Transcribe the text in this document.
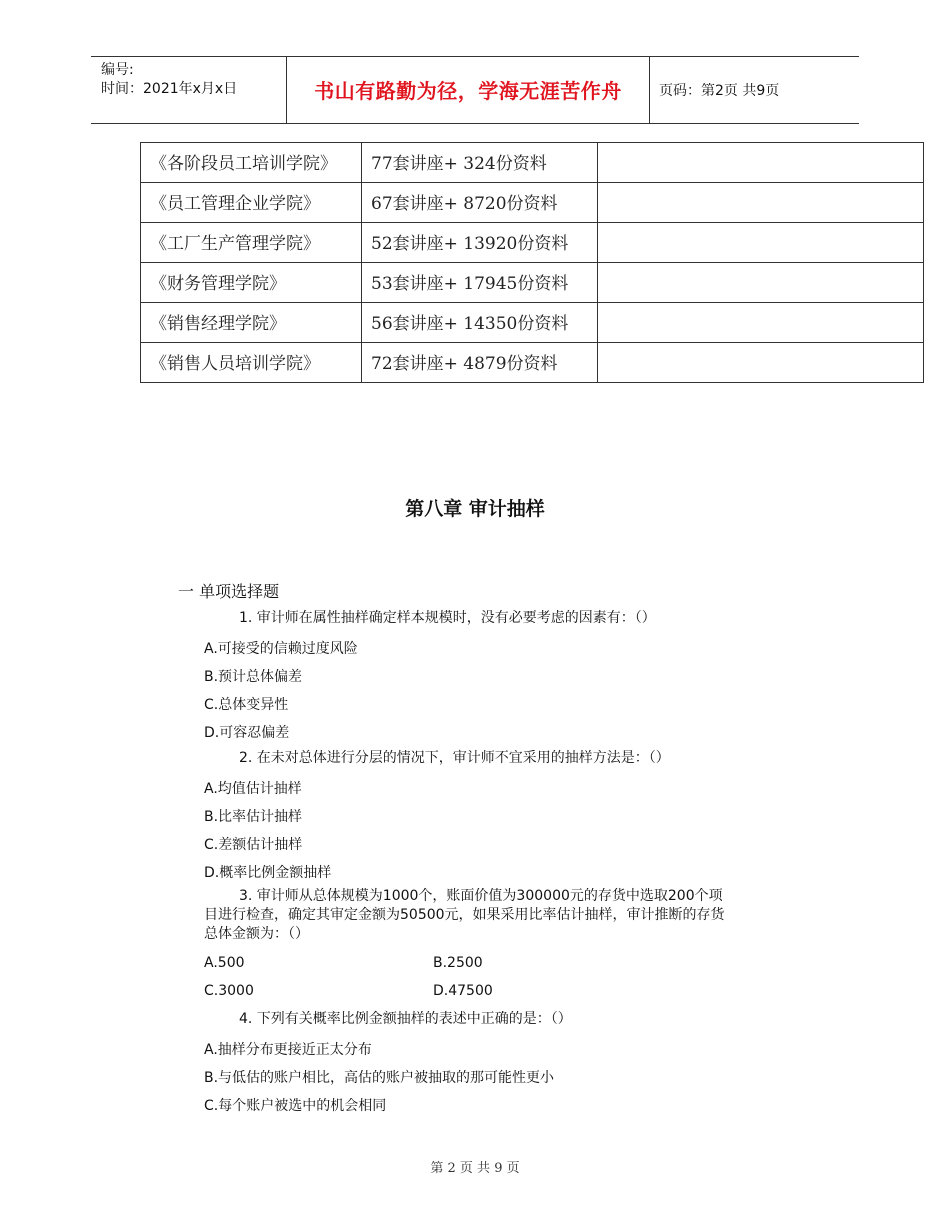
编号:
时间：2021年x月x日	书山有路勤为径，学海无涯苦作舟	页码：第2页 共9页
《各阶段员工培训学院》	77套讲座+ 324份资料	
《员工管理企业学院》	67套讲座+ 8720份资料	
《工厂生产管理学院》	52套讲座+ 13920份资料	
《财务管理学院》	53套讲座+ 17945份资料	
《销售经理学院》	56套讲座+ 14350份资料	
《销售人员培训学院》	72套讲座+ 4879份资料	
第八章 审计抽样
一 单项选择题
1. 审计师在属性抽样确定样本规模时，没有必要考虑的因素有：（）
A.可接受的信赖过度风险
B.预计总体偏差
C.总体变异性
D.可容忍偏差
2. 在未对总体进行分层的情况下，审计师不宜采用的抽样方法是：（）
A.均值估计抽样
B.比率估计抽样
C.差额估计抽样
D.概率比例金额抽样
3. 审计师从总体规模为1000个，账面价值为300000元的存货中选取200个项
目进行检查，确定其审定金额为50500元，如果采用比率估计抽样，审计推断的存货
总体金额为：（）
A.500	B.2500
C.3000	D.47500
4. 下列有关概率比例金额抽样的表述中正确的是：（）
A.抽样分布更接近正太分布
B.与低估的账户相比，高估的账户被抽取的那可能性更小
C.每个账户被选中的机会相同
第 2 页 共 9 页
